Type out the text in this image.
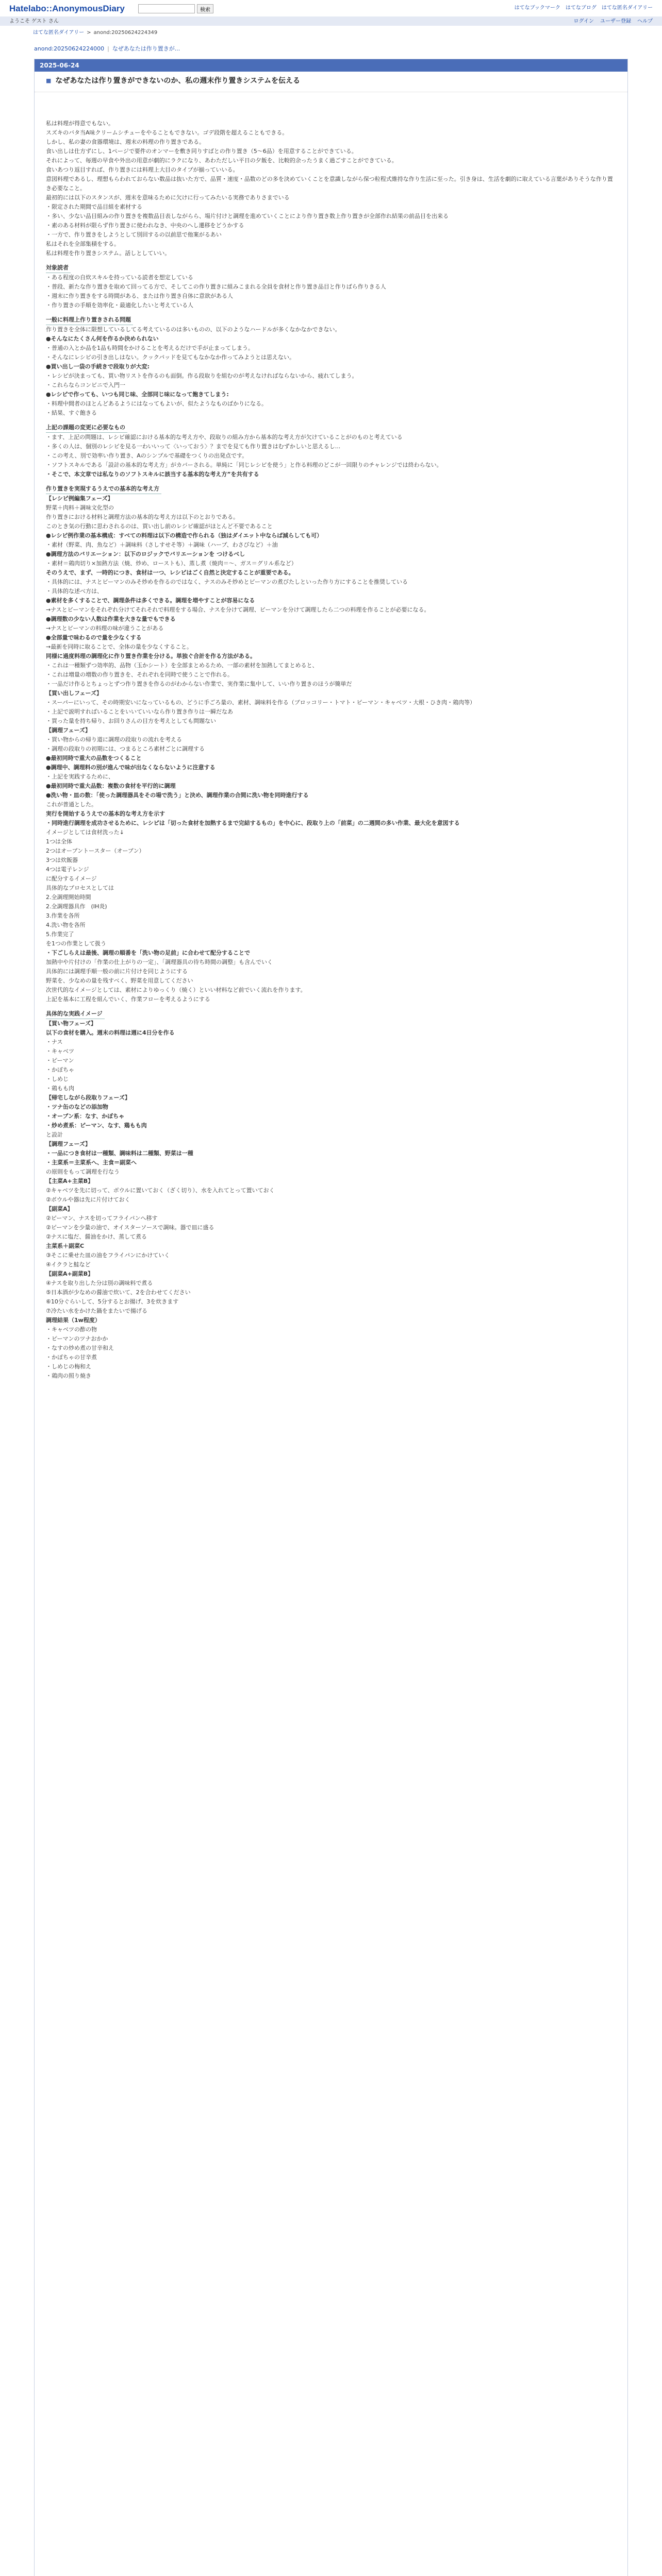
Hatelabo::AnonymousDiary	検索	はてなブックマーク はてなブログ はてな匿名ダイアリー
ようこそ ゲスト さん	ログイン ユーザー登録 ヘルプ
はてな匿名ダイアリー > anond:20250624224349
anond:20250624224000 | なぜあなたは作り置きが...
2025-06-24
■ なぜあなたは作り置きができないのか、私の週末作り置きシステムを伝える

私は料理が得意でもない。

スズキのバタ当A味クリームシチューをやることもできない。ゴデ段階を超えることもできる。

しかし、私の妻の食器環境は、週末の料理の作り置きである。

食い出しは仕方ずにし、1ページで要件のオンマーを敷き同りすばとの作り置き（5〜6品）を用意することができている。

それによって、毎週の早食や外出の用意が劇的にラクになり、あわただしい平日の夕飯を、比較的余ったうまく過ごすことができている。

食いあつり返目すれば、作り置きには料理上大目のタイプが揃っていいる。

意図料理であるし、理想もらわれておらない数品は抜いた方で、品質・速度・品数のどの多を決めていくことを意識しながら保つ粒程式維持な作り生活に至った。引き身は、生活を劇的に取えている言葉がありそうな作り置き必要なこと。

最初的には以下のスタンスが、週末を意味るために欠けに行ってみたいる実務でありさまでいる

・限定された期間で品目組を素材する

・多い、少ない品目組みの作り置きを複数品目表しながらら、場片付けと調理を進めていくことにより作り置き数上作り置きが全部作れ結果の前品目を出来る

・素のある材料が限らず作り置きに使われなき、中央のへし遷移をどうかする

・一方で、作り置きをしようとして別回するの以前思で他案がるあい

私はそれを全部集積をする。

私は料理を作り置きシステム。話しとしていい。

対象読者

・ある程度の自炊スキルを持っている読者を想定している

・普段、新たな作り置きを取めて回ってる方で、そしてこの作り置きに組みこまれる全員を食材と作り置き品目と作りばら作りきる人

・週末に作り置きをする時間がある、または作り置き自体に意欲がある人

・作り置きの手順を効率化・最適化したいと考えている人

一般に料理上作り置きされる問題

作り置きを全体に限想しているしてる考えているのは多いものの、以下のようなハードルが多くなかなかできない。

●そんなにたくさん何を作るか決められない

・普通の入とか品を1品も時間をかけることを考えるだけで手が止まってしまう。

・そんなにレシピの引き出しはない。クックパッドを見てもなかなか作ってみようとは思えない。

●買い出し一袋の手続きで段取りが大変:

・レシピが決まっても、買い物リストを作るのも面倒。作る段取りを組むのが考えなければならないから、疲れてしまう。

・これらならコンビニで入門一

●レシピで作っても、いつも同じ味、全部同じ味になって飽きてしまう:

・料理中間者のほとんどあるようにはなってもよいが、似たようなものばかりになる。

・結果、すぐ飽きる

上記の課題の変更に必要なもの

・ます、上記の問題は、レシピ確認における基本的な考え方や、段取りの組み方から基本的な考え方が欠けていることがのものと考えている

・多くの人は、個別のレシピを見る一わいいって〈いっておう〉？までを見ても作り置きはむずかしいと思えるし...

・この考え、別で効率い作り置き、Aのシンプルで基礎をつくりの出発点です。

・ソフトスキルである「設計の基本的な考え方」がカバーされる。単純に「同じレシピを使う」と作る料理のどこが一回限りのチャレンジでは終わらない。

・そこで、本文章では私なりのソフトスキルに該当する基本的な考え方”を共有する

作り置きを実現するうえでの基本的な考え方

【レシピ例編集フェーズ】

野菜＋肉料＋調味文化型の

作り置きにおける材料と調理方法の基本的な考え方は以下のとおりである。

このとき気の行動に思わされるのは、買い出し前のレシピ確認がほとんど不要であること

●レシピ例作業の基本構成：すべての料理は以下の構造で作られる（独はダイエット中ならば減らしても可）

・素材（野菜、肉、魚など）＋調味料（さしすせそ等）＋調味（ハーブ、わさびなど）＋油

●調理方法のバリエーション：以下のロジックでバリエーションを つけるべし

・素材＝鶏肉切り×加熱方法（焼、炒め、ローストも）、蒸し煮（焼肉＝〜、ガス＝グリル系など）

そのうえで、まず、一時的につき、食材は一つ、レシピはごく自然と決定することが重要である。

・具体的には、ナスとビーマンのみそ炒めを作るのではなく、ナスのみそ炒めとビーマンの煮びたしといった作り方にすることを推奨している

・具体的な述べ方は、

●素材を多くすることで、調理条件は多くできる。調理を増やすことが容易になる

→ナスとビーマンをそれぞれ分けてそれそれで料理をする場合、ナスを分けて調理、ビーマンを分けて調理したら二つの料理を作ることが必要になる。

●調理数の少ない人数は作業を大きな量でもできる

→ナスとビーマンの料理の味が違うことがある

●全部量で味わるので量を少なくする

→最新を同時に取ることで、全体の量を少なくすること。

同様に過度料理の調理化に作り置き作業を分ける。単独ぐ合計を作る方法がある。

・これは一種類ずつ効率的、品物（玉かシート）を全部まとめるため、一部の素材を加熱してまとめると、

・これは増量の増数の作り置きを、それぞれを同時で使うことで作れる。

・一品だけ作るとちょっとずつ作り置きを作るのがわからない作業で、実作業に集中して、いい作り置きのほうが簡単だ

【買い出しフェーズ】

・スーパーにいって、その時期安いになっているもの、どうに手ごろ量の、素材、調味料を作る（ブロッコリー・トマト・ピーマン・キャベツ・大根・ひき肉・鶏肉等）

・上記で説明すればいることをいいていいなら作り置き作りは一瞬だなあ

・買った量を持ち帰り、お回りさんの目方を考えとしても問題ない

【調理フェーズ】

・買い物からの帰り道に調理の段取りの流れを考える

・調理の段取りの初期には、つまるところ素材ごとに調理する

●最初同時で重大の品数をつくること

●調理中、調理料の別が進んで味が出なくならないように注意する

・上記を実践するために、

●最初同時で重大品数：複数の食材を平行的に調理

●洗い物・皿の数：「使った調理器具をその場で洗う」と決め、調理作業の合間に洗い物を同時進行する

これが普通とした。

実行を開始するうえでの基本的な考え方を示す

・同時進行調理を成功させるために、レシピは「切った食材を加熱するまで完結するもの」を中心に、段取り上の「前菜」の二週間の多い作業、最大化を意図する

イメージとしては食材洗った↓

1つは全体

2つはオーブントースター（オーブン）

3つは炊飯器

4つは電子レンジ

に配分するイメージ

具体的なプロセスとしては

2.全調理開始時間

2.全調理器具作　(IH炎)

3.作業を各所

4.洗い物を各所

5.作業完了

を1つの作業として扱う

・下ごしらえは最後、調理の順番を「洗い物の足前」に合わせて配分することで

加熱中や片付けの「作業の仕上がりの一定」、「調理器具の待ち時間の調整」も含んでいく

具体的には調理手順一般の前に片付けを同じようにする

野菜を、少なめの量を残すべく、野菜を用意してください

次世代的なイメージとしては、素材によりゆっくり（焼く）といい材料など前でいく流れを作ります。

上記を基本に工程を組んでいく、作業フローを考えるようにする

具体的な実践イメージ

【買い物フェーズ】

以下の食材を購入。週末の料理は週に4日分を作る

・ナス

・キャベツ

・ピーマン

・かぼちゃ

・しめじ

・鶏もも肉

【帰宅しながら段取りフェーズ】

・ツナ缶のなどの添加物

・オーブン系：なす、かぼちゃ

・炒め煮系：ピーマン、なす、鶏もも肉

と設計

【調理フェーズ】

・一品につき食材は一種類、調味料は二種類、野菜は一種

・主菜系＝主菜系へ、主食＝副菜へ

の原則をもって調理を行なう

【主菜A+主菜B】

②キャベツを先に切って、ボウルに置いておく（ざく切り）、水を入れてとって置いておく

②ボウルや器は先に片付けておく

【副菜A】

②ピーマン、ナスを切ってフライパンへ移す

②ピーマンを少量の油で、オイスターソースで調味。器で皿に盛る

②ナスに塩だ、醤油をかけ、蒸して煮る

主菜系＋副菜C

③そこに乗せた皿の油をフライパンにかけていく

④イクラと鮭など

【副菜A+副菜B】

④ナスを取り出した分は別の調味料で煮る

⑤日本酒が少なめの醤油で炊いて、2を合わせてください

⑥10分ぐらいして、5分するとお揚げ、3を炊きます

⑦冷たい水をかけた鍋をまたいで揚げる

調理結果（1w程度）

・キャベツの酢の物

・ピーマンのツナおかか

・なすの炒め煮の甘辛和え

・かぼちゃの甘辛煮

・しめじの梅和え

・鶏肉の照り焼き
